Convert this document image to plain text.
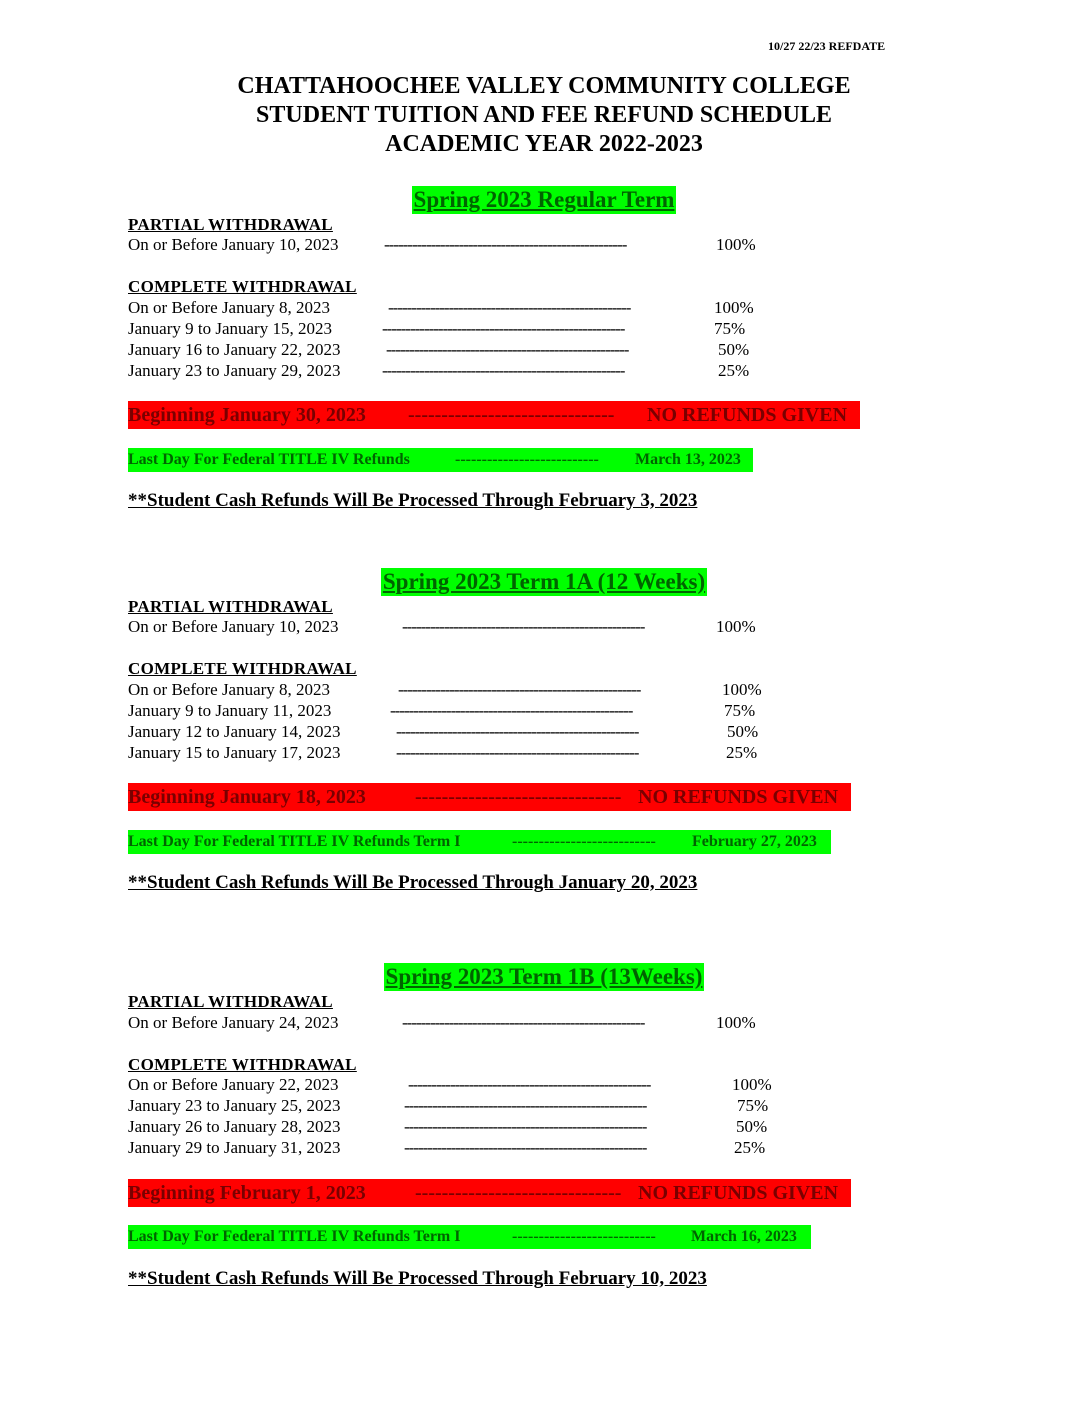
10/27 22/23 REFDATE
CHATTAHOOCHEE VALLEY COMMUNITY COLLEGE
STUDENT TUITION AND FEE REFUND SCHEDULE
ACADEMIC YEAR 2022-2023
Spring 2023 Regular Term
PARTIAL WITHDRAWAL
On or Before January 10, 2023	----------------------------------------------------	100%
COMPLETE WITHDRAWAL
On or Before January 8, 2023	----------------------------------------------------	100%
January 9 to January 15, 2023	----------------------------------------------------	75%
January 16 to January 22, 2023	----------------------------------------------------	50%
January 23 to January 29, 2023 ----------------------------------------------------	25%
Beginning January 30, 2023 ------------------------------- NO REFUNDS GIVEN
Last Day For Federal TITLE IV Refunds	--------------------------- March 13, 2023
**Student Cash Refunds Will Be Processed Through February 3, 2023
Spring 2023 Term 1A (12 Weeks)
PARTIAL WITHDRAWAL
On or Before January 10, 2023	----------------------------------------------------	100%
COMPLETE WITHDRAWAL
On or Before January 8, 2023	----------------------------------------------------	100%
January 9 to January 11, 2023	----------------------------------------------------	75%
January 12 to January 14, 2023	----------------------------------------------------	50%
January 15 to January 17, 2023	----------------------------------------------------	25%
Beginning January 18, 2023 ------------------------------- NO REFUNDS GIVEN
Last Day For Federal TITLE IV Refunds Term I	--------------------------- February 27, 2023
**Student Cash Refunds Will Be Processed Through January 20, 2023
Spring 2023 Term 1B (13Weeks)
PARTIAL WITHDRAWAL
On or Before January 24, 2023	----------------------------------------------------	100%
COMPLETE WITHDRAWAL
On or Before January 22, 2023	----------------------------------------------------	100%
January 23 to January 25, 2023	----------------------------------------------------	75%
January 26 to January 28, 2023	----------------------------------------------------	50%
January 29 to January 31, 2023	----------------------------------------------------	25%
Beginning February 1, 2023 ------------------------------- NO REFUNDS GIVEN
Last Day For Federal TITLE IV Refunds Term I	--------------------------- March 16, 2023
**Student Cash Refunds Will Be Processed Through February 10, 2023
